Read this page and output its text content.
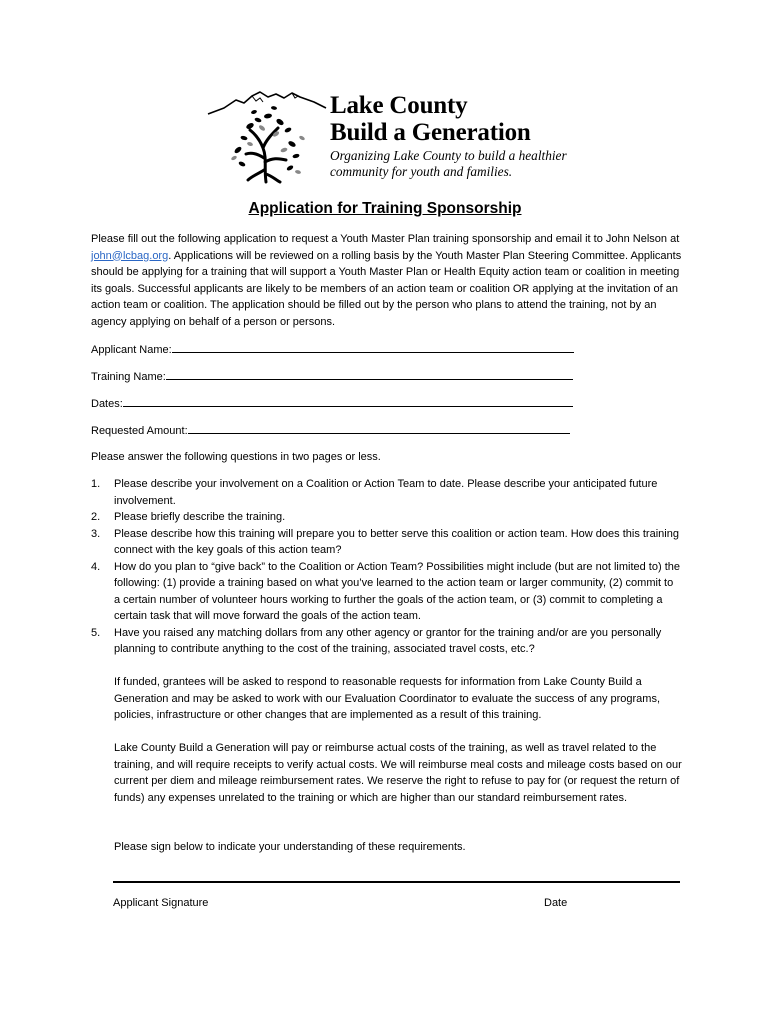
Lake County
Build a Generation
Organizing Lake County to build a healthier community for youth and families.
Application for Training Sponsorship
Please fill out the following application to request a Youth Master Plan training sponsorship and email it to John Nelson at john@lcbag.org. Applications will be reviewed on a rolling basis by the Youth Master Plan Steering Committee. Applicants should be applying for a training that will support a Youth Master Plan or Health Equity action team or coalition in meeting its goals. Successful applicants are likely to be members of an action team or coalition OR applying at the invitation of an action team or coalition. The application should be filled out by the person who plans to attend the training, not by an agency applying on behalf of a person or persons.
Applicant Name:
Training Name:
Dates:
Requested Amount:
Please answer the following questions in two pages or less.
1. Please describe your involvement on a Coalition or Action Team to date. Please describe your anticipated future involvement.
2. Please briefly describe the training.
3. Please describe how this training will prepare you to better serve this coalition or action team. How does this training connect with the key goals of this action team?
4. How do you plan to “give back” to the Coalition or Action Team? Possibilities might include (but are not limited to) the following: (1) provide a training based on what you’ve learned to the action team or larger community, (2) commit to a certain number of volunteer hours working to further the goals of the action team, or (3) commit to completing a certain task that will move forward the goals of the action team.
5. Have you raised any matching dollars from any other agency or grantor for the training and/or are you personally planning to contribute anything to the cost of the training, associated travel costs, etc.?
If funded, grantees will be asked to respond to reasonable requests for information from Lake County Build a Generation and may be asked to work with our Evaluation Coordinator to evaluate the success of any programs, policies, infrastructure or other changes that are implemented as a result of this training.
Lake County Build a Generation will pay or reimburse actual costs of the training, as well as travel related to the training, and will require receipts to verify actual costs. We will reimburse meal costs and mileage costs based on our current per diem and mileage reimbursement rates. We reserve the right to refuse to pay for (or request the return of funds) any expenses unrelated to the training or which are higher than our standard reimbursement rates.
Please sign below to indicate your understanding of these requirements.
Applicant Signature	Date
